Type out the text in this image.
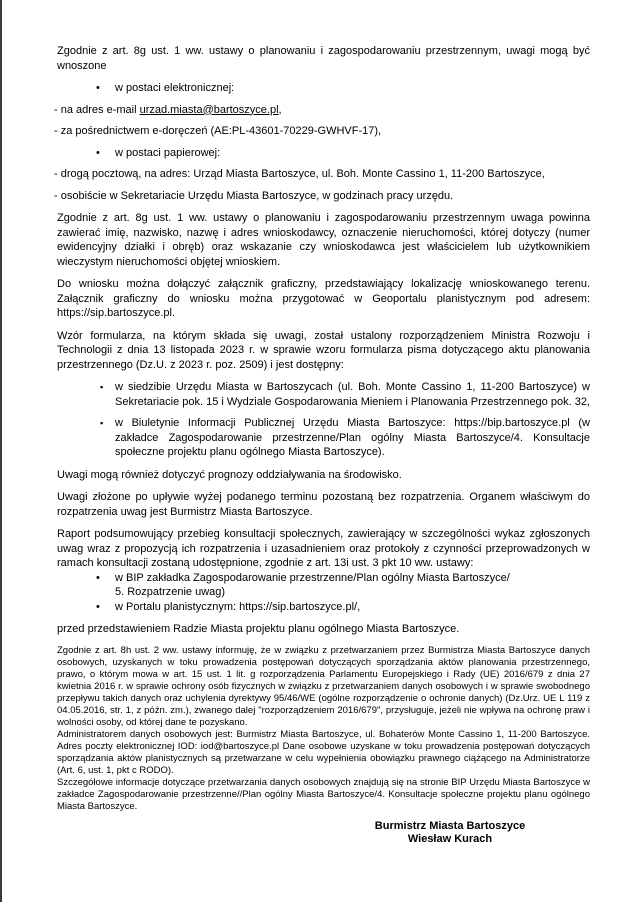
Zgodnie z art. 8g ust. 1 ww. ustawy o planowaniu i zagospodarowaniu przestrzennym, uwagi mogą być wnoszone

•	w postaci elektronicznej:
- na adres e-mail urzad.miasta@bartoszyce.pl,
- za pośrednictwem e-doręczeń (AE:PL-43601-70229-GWHVF-17),
•	w postaci papierowej:
- drogą pocztową, na adres: Urząd Miasta Bartoszyce, ul. Boh. Monte Cassino 1, 11-200 Bartoszyce,
- osobiście w Sekretariacie Urzędu Miasta Bartoszyce, w godzinach pracy urzędu.

Zgodnie z art. 8g ust. 1 ww. ustawy o planowaniu i zagospodarowaniu przestrzennym uwaga powinna zawierać imię, nazwisko, nazwę i adres wnioskodawcy, oznaczenie nieruchomości, której dotyczy (numer ewidencyjny działki i obręb) oraz wskazanie czy wnioskodawca jest właścicielem lub użytkownikiem wieczystym nieruchomości objętej wnioskiem.

Do wniosku można dołączyć załącznik graficzny, przedstawiający lokalizację wnioskowanego terenu. Załącznik graficzny do wniosku można przygotować w Geoportalu planistycznym pod adresem: https://sip.bartoszyce.pl.

Wzór formularza, na którym składa się uwagi, został ustalony rozporządzeniem Ministra Rozwoju i Technologii z dnia 13 listopada 2023 r. w sprawie wzoru formularza pisma dotyczącego aktu planowania przestrzennego (Dz.U. z 2023 r. poz. 2509) i jest dostępny:

▪	w siedzibie Urzędu Miasta w Bartoszycach (ul. Boh. Monte Cassino 1, 11-200 Bartoszyce) w Sekretariacie pok. 15 i Wydziale Gospodarowania Mieniem i Planowania Przestrzennego pok. 32,
▪	w Biuletynie Informacji Publicznej Urzędu Miasta Bartoszyce: https://bip.bartoszyce.pl (w zakładce Zagospodarowanie przestrzenne/Plan ogólny Miasta Bartoszyce/4. Konsultacje społeczne projektu planu ogólnego Miasta Bartoszyce).

Uwagi mogą również dotyczyć prognozy oddziaływania na środowisko.

Uwagi złożone po upływie wyżej podanego terminu pozostaną bez rozpatrzenia. Organem właściwym do rozpatrzenia uwag jest Burmistrz Miasta Bartoszyce.

Raport podsumowujący przebieg konsultacji społecznych, zawierający w szczególności wykaz zgłoszonych uwag wraz z propozycją ich rozpatrzenia i uzasadnieniem oraz protokoły z czynności przeprowadzonych w ramach konsultacji zostaną udostępnione, zgodnie z art. 13i ust. 3 pkt 10 ww. ustawy:

•	w BIP zakładka Zagospodarowanie przestrzenne/Plan ogólny Miasta Bartoszyce/
5. Rozpatrzenie uwag)
•	w Portalu planistycznym: https://sip.bartoszyce.pl/,

przed przedstawieniem Radzie Miasta projektu planu ogólnego Miasta Bartoszyce.

Zgodnie z art. 8h ust. 2 ww. ustawy informuję, że w związku z przetwarzaniem przez Burmistrza Miasta Bartoszyce danych osobowych, uzyskanych w toku prowadzenia postępowań dotyczących sporządzania aktów planowania przestrzennego, prawo, o którym mowa w art. 15 ust. 1 lit. g rozporządzenia Parlamentu Europejskiego i Rady (UE) 2016/679 z dnia 27 kwietnia 2016 r. w sprawie ochrony osób fizycznych w związku z przetwarzaniem danych osobowych i w sprawie swobodnego przepływu takich danych oraz uchylenia dyrektywy 95/46/WE (ogólne rozporządzenie o ochronie danych) (Dz.Urz. UE L 119 z 04.05.2016, str. 1, z późn. zm.), zwanego dalej "rozporządzeniem 2016/679", przysługuje, jeżeli nie wpływa na ochronę praw i wolności osoby, od której dane te pozyskano.

Administratorem danych osobowych jest: Burmistrz Miasta Bartoszyce, ul. Bohaterów Monte Cassino 1, 11-200 Bartoszyce. Adres poczty elektronicznej IOD: iod@bartoszyce.pl Dane osobowe uzyskane w toku prowadzenia postępowań dotyczących sporządzania aktów planistycznych są przetwarzane w celu wypełnienia obowiązku prawnego ciążącego na Administratorze (Art. 6, ust. 1, pkt c RODO).

Szczegółowe informacje dotyczące przetwarzania danych osobowych znajdują się na stronie BIP Urzędu Miasta Bartoszyce w zakładce Zagospodarowanie przestrzenne//Plan ogólny Miasta Bartoszyce/4. Konsultacje społeczne projektu planu ogólnego Miasta Bartoszyce.

Burmistrz Miasta Bartoszyce
Wiesław Kurach
